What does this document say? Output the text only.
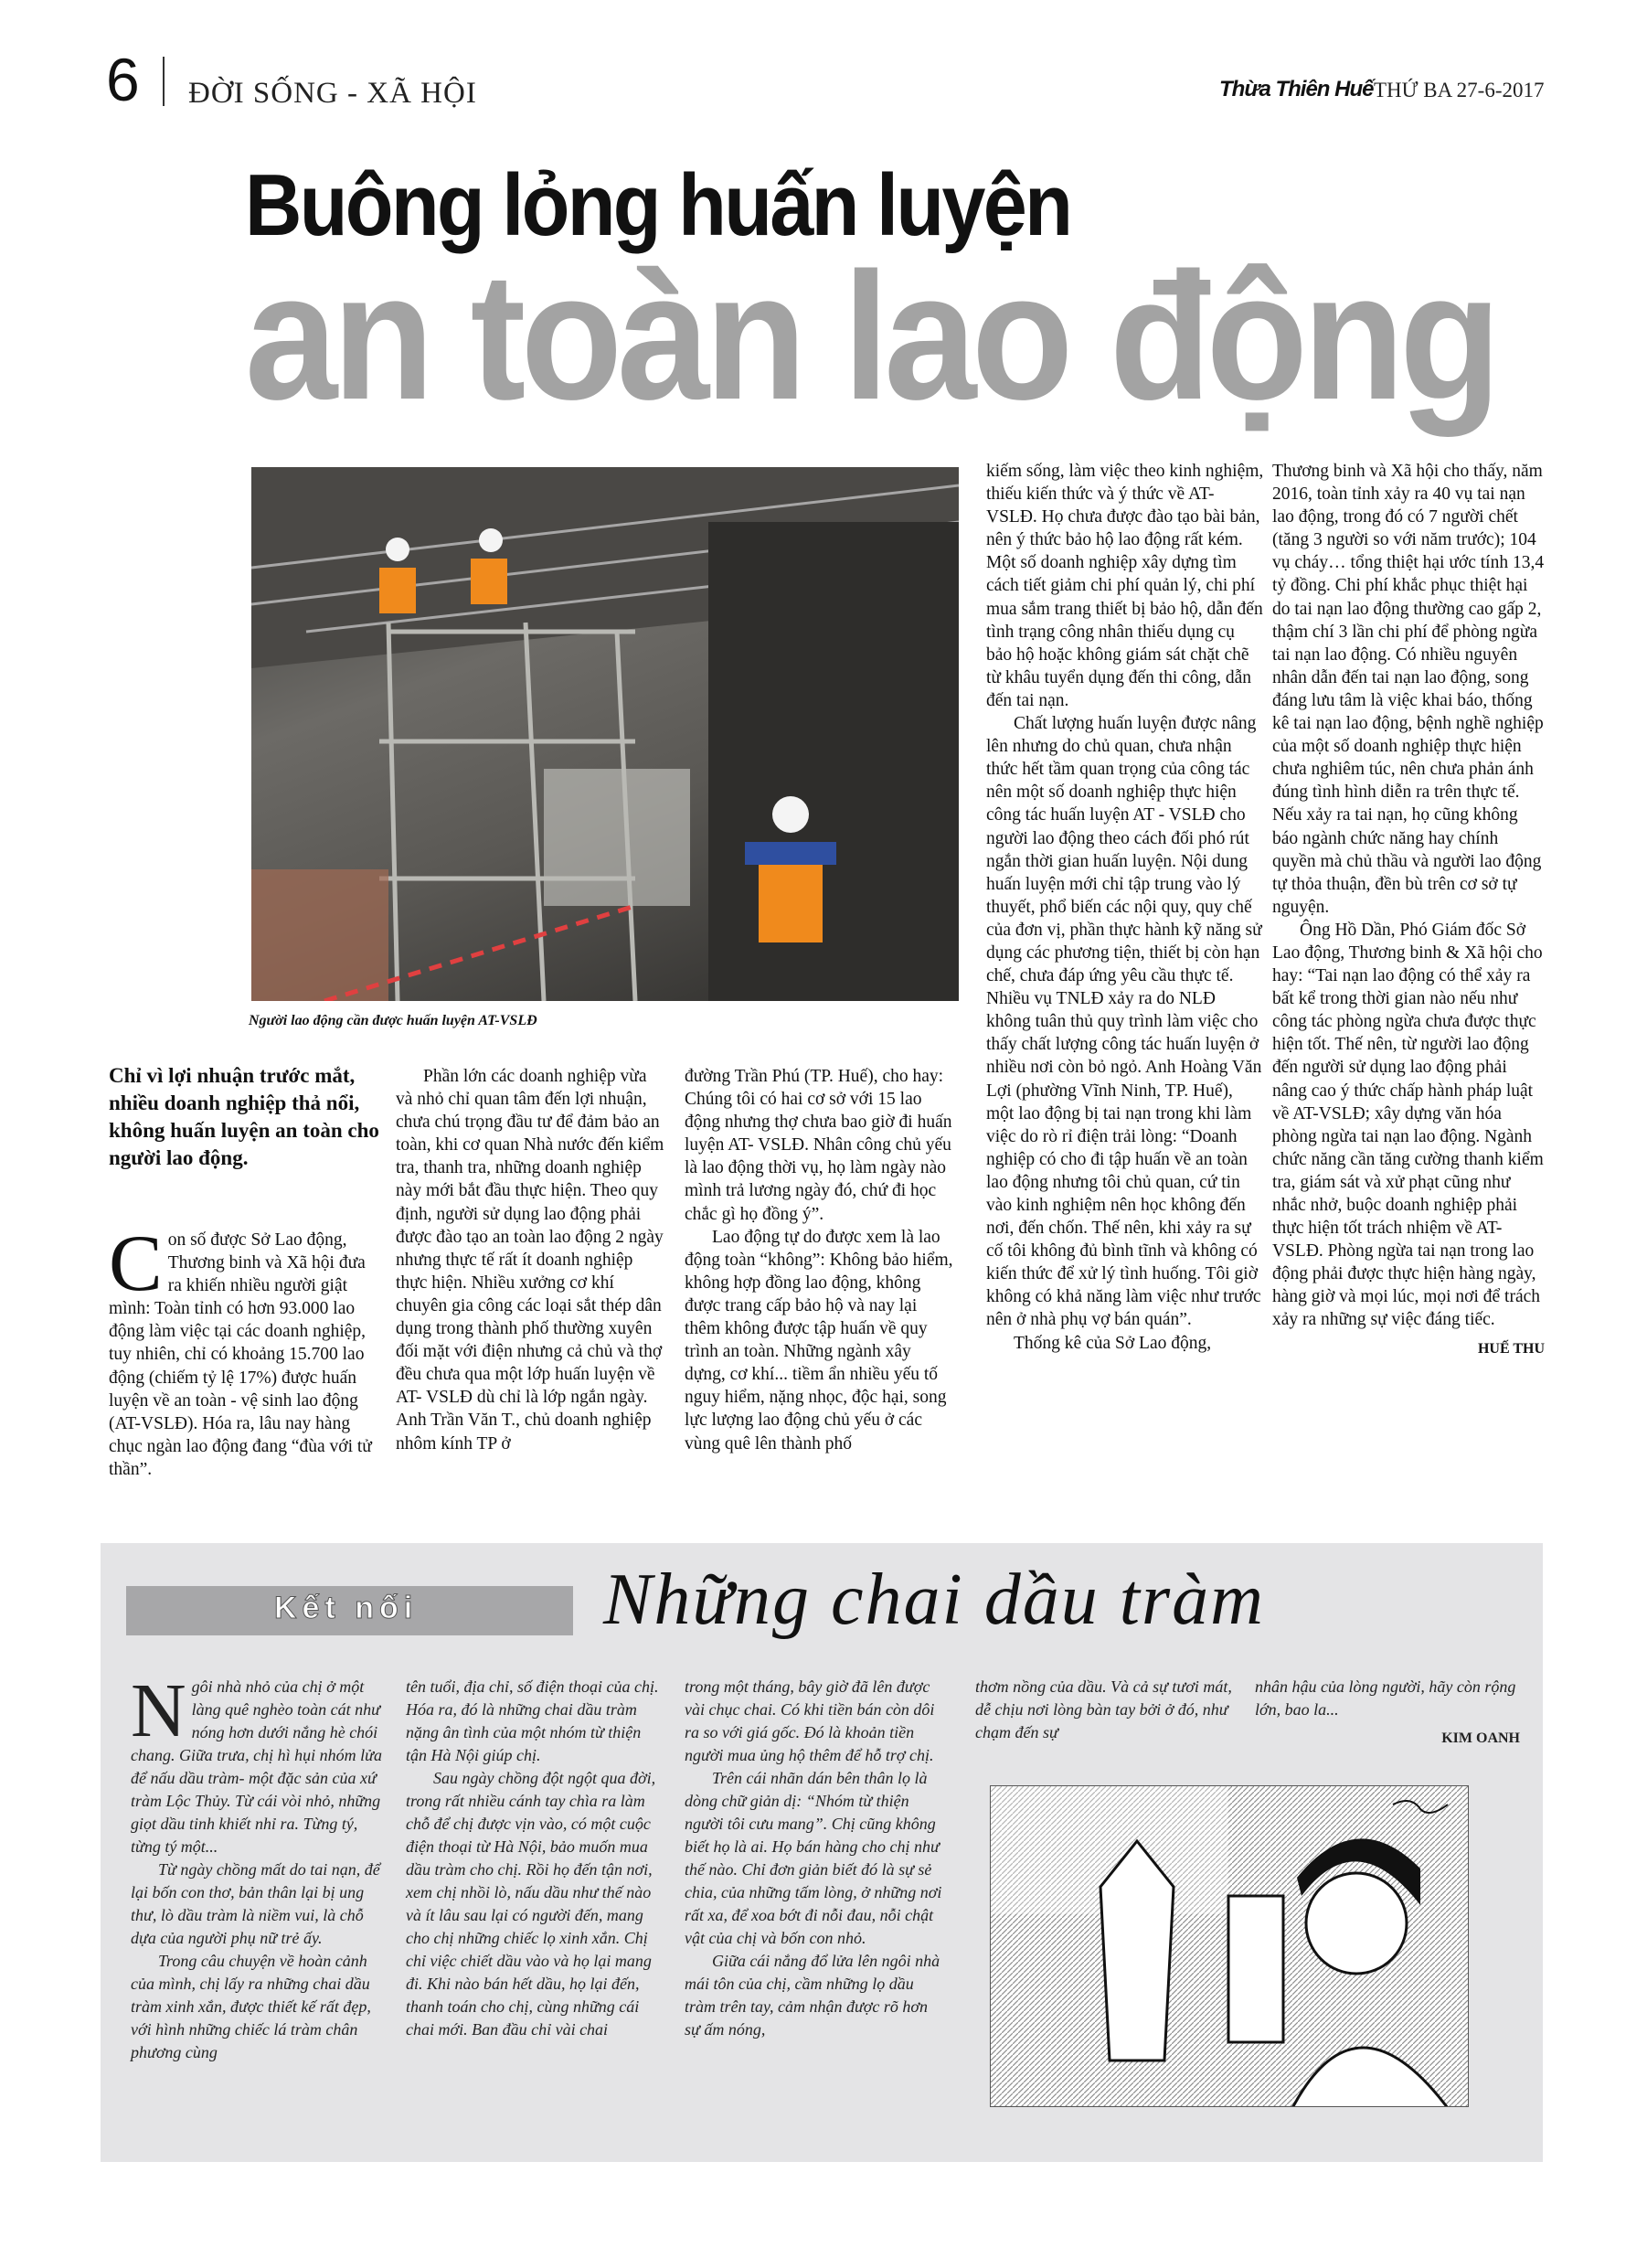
6 ĐỜI SỐNG - XÃ HỘI	Thừa Thiên Huế THỨ BA 27-6-2017
Buông lỏng huấn luyện
an toàn lao động
Người lao động cần được huấn luyện AT-VSLĐ
Chỉ vì lợi nhuận trước mắt, nhiều doanh nghiệp thả nổi, không huấn luyện an toàn cho người lao động.
C on số được Sở Lao động, Thương binh và Xã hội đưa ra khiến nhiều người giật mình: Toàn tỉnh có hơn 93.000 lao động làm việc tại các doanh nghiệp, tuy nhiên, chỉ có khoảng 15.700 lao động (chiếm tỷ lệ 17%) được huấn luyện về an toàn - vệ sinh lao động (AT-VSLĐ). Hóa ra, lâu nay hàng chục ngàn lao động đang “đùa với tử thần”.

Phần lớn các doanh nghiệp vừa và nhỏ chỉ quan tâm đến lợi nhuận, chưa chú trọng đầu tư để đảm bảo an toàn, khi cơ quan Nhà nước đến kiểm tra, thanh tra, những doanh nghiệp này mới bắt đầu thực hiện. Theo quy định, người sử dụng lao động phải được đào tạo an toàn lao động 2 ngày nhưng thực tế rất ít doanh nghiệp thực hiện. Nhiều xưởng cơ khí chuyên gia công các loại sắt thép dân dụng trong thành phố thường xuyên đối mặt với điện nhưng cả chủ và thợ đều chưa qua một lớp huấn luyện về AT- VSLĐ dù chỉ là lớp ngắn ngày. Anh Trần Văn T., chủ doanh nghiệp nhôm kính TP ở

đường Trần Phú (TP. Huế), cho hay: Chúng tôi có hai cơ sở với 15 lao động nhưng thợ chưa bao giờ đi huấn luyện AT- VSLĐ. Nhân công chủ yếu là lao động thời vụ, họ làm ngày nào mình trả lương ngày đó, chứ đi học chắc gì họ đồng ý”.

Lao động tự do được xem là lao động toàn “không”: Không bảo hiểm, không hợp đồng lao động, không được trang cấp bảo hộ và nay lại thêm không được tập huấn về quy trình an toàn. Những ngành xây dựng, cơ khí... tiềm ẩn nhiều yếu tố nguy hiểm, nặng nhọc, độc hại, song lực lượng lao động chủ yếu ở các vùng quê lên thành phố

kiếm sống, làm việc theo kinh nghiệm, thiếu kiến thức và ý thức về AT- VSLĐ. Họ chưa được đào tạo bài bản, nên ý thức bảo hộ lao động rất kém. Một số doanh nghiệp xây dựng tìm cách tiết giảm chi phí quản lý, chi phí mua sắm trang thiết bị bảo hộ, dẫn đến tình trạng công nhân thiếu dụng cụ bảo hộ hoặc không giám sát chặt chẽ từ khâu tuyển dụng đến thi công, dẫn đến tai nạn.

Chất lượng huấn luyện được nâng lên nhưng do chủ quan, chưa nhận thức hết tầm quan trọng của công tác nên một số doanh nghiệp thực hiện công tác huấn luyện AT - VSLĐ cho người lao động theo cách đối phó rút ngắn thời gian huấn luyện. Nội dung huấn luyện mới chỉ tập trung vào lý thuyết, phổ biến các nội quy, quy chế của đơn vị, phần thực hành kỹ năng sử dụng các phương tiện, thiết bị còn hạn chế, chưa đáp ứng yêu cầu thực tế. Nhiều vụ TNLĐ xảy ra do NLĐ không tuân thủ quy trình làm việc cho thấy chất lượng công tác huấn luyện ở nhiều nơi còn bỏ ngỏ. Anh Hoàng Văn Lợi (phường Vĩnh Ninh, TP. Huế), một lao động bị tai nạn trong khi làm việc do rò rỉ điện trải lòng: “Doanh nghiệp có cho đi tập huấn về an toàn lao động nhưng tôi chủ quan, cứ tin vào kinh nghiệm nên học không đến nơi, đến chốn. Thế nên, khi xảy ra sự cố tôi không đủ bình tĩnh và không có kiến thức để xử lý tình huống. Tôi giờ không có khả năng làm việc như trước nên ở nhà phụ vợ bán quán”.

Thống kê của Sở Lao động,

Thương binh và Xã hội cho thấy, năm 2016, toàn tỉnh xảy ra 40 vụ tai nạn lao động, trong đó có 7 người chết (tăng 3 người so với năm trước); 104 vụ cháy… tổng thiệt hại ước tính 13,4 tỷ đồng. Chi phí khắc phục thiệt hại do tai nạn lao động thường cao gấp 2, thậm chí 3 lần chi phí để phòng ngừa tai nạn lao động. Có nhiều nguyên nhân dẫn đến tai nạn lao động, song đáng lưu tâm là việc khai báo, thống kê tai nạn lao động, bệnh nghề nghiệp của một số doanh nghiệp thực hiện chưa nghiêm túc, nên chưa phản ánh đúng tình hình diễn ra trên thực tế. Nếu xảy ra tai nạn, họ cũng không báo ngành chức năng hay chính quyền mà chủ thầu và người lao động tự thỏa thuận, đền bù trên cơ sở tự nguyện.

Ông Hồ Dần, Phó Giám đốc Sở Lao động, Thương binh & Xã hội cho hay: “Tai nạn lao động có thể xảy ra bất kể trong thời gian nào nếu như công tác phòng ngừa chưa được thực hiện tốt. Thế nên, từ người lao động đến người sử dụng lao động phải nâng cao ý thức chấp hành pháp luật về AT-VSLĐ; xây dựng văn hóa phòng ngừa tai nạn lao động. Ngành chức năng cần tăng cường thanh kiểm tra, giám sát và xử phạt cũng như nhắc nhở, buộc doanh nghiệp phải thực hiện tốt trách nhiệm về AT-VSLĐ. Phòng ngừa tai nạn trong lao động phải được thực hiện hàng ngày, hàng giờ và mọi lúc, mọi nơi để trách xảy ra những sự việc đáng tiếc.

HUẾ THU
Kết nối	Những chai dầu tràm
N gôi nhà nhỏ của chị ở một làng quê nghèo toàn cát như nóng hơn dưới nắng hè chói chang. Giữa trưa, chị hì hụi nhóm lửa để nấu dầu tràm- một đặc sản của xứ tràm Lộc Thủy. Từ cái vòi nhỏ, những giọt dầu tinh khiết nhỉ ra. Từng tý, từng tý một...

Từ ngày chồng mất do tai nạn, để lại bốn con thơ, bản thân lại bị ung thư, lò dầu tràm là niềm vui, là chỗ dựa của người phụ nữ trẻ ấy.

Trong câu chuyện về hoàn cảnh của mình, chị lấy ra những chai dầu tràm xinh xắn, được thiết kế rất đẹp, với hình những chiếc lá tràm chân phương cùng

tên tuổi, địa chỉ, số điện thoại của chị. Hóa ra, đó là những chai dầu tràm nặng ân tình của một nhóm từ thiện tận Hà Nội giúp chị.

Sau ngày chồng đột ngột qua đời, trong rất nhiều cánh tay chìa ra làm chỗ để chị được vịn vào, có một cuộc điện thoại từ Hà Nội, bảo muốn mua dầu tràm cho chị. Rồi họ đến tận nơi, xem chị nhồi lò, nấu dầu như thế nào và ít lâu sau lại có người đến, mang cho chị những chiếc lọ xinh xắn. Chị chỉ việc chiết dầu vào và họ lại mang đi. Khi nào bán hết dầu, họ lại đến, thanh toán cho chị, cùng những cái chai mới. Ban đầu chỉ vài chai

trong một tháng, bây giờ đã lên được vài chục chai. Có khi tiền bán còn dôi ra so với giá gốc. Đó là khoản tiền người mua ủng hộ thêm để hỗ trợ chị.

Trên cái nhãn dán bên thân lọ là dòng chữ giản dị: “Nhóm từ thiện người tôi cưu mang”. Chị cũng không biết họ là ai. Họ bán hàng cho chị như thế nào. Chỉ đơn giản biết đó là sự sẻ chia, của những tấm lòng, ở những nơi rất xa, để xoa bớt đi nỗi đau, nỗi chật vật của chị và bốn con nhỏ.

Giữa cái nắng đổ lửa lên ngôi nhà mái tôn của chị, cầm những lọ dầu tràm trên tay, cảm nhận được rõ hơn sự ấm nóng,

thơm nồng của dầu. Và cả sự tươi mát, dễ chịu nơi lòng bàn tay bởi ở đó, như chạm đến sự

nhân hậu của lòng người, hãy còn rộng lớn, bao la...

KIM OANH
